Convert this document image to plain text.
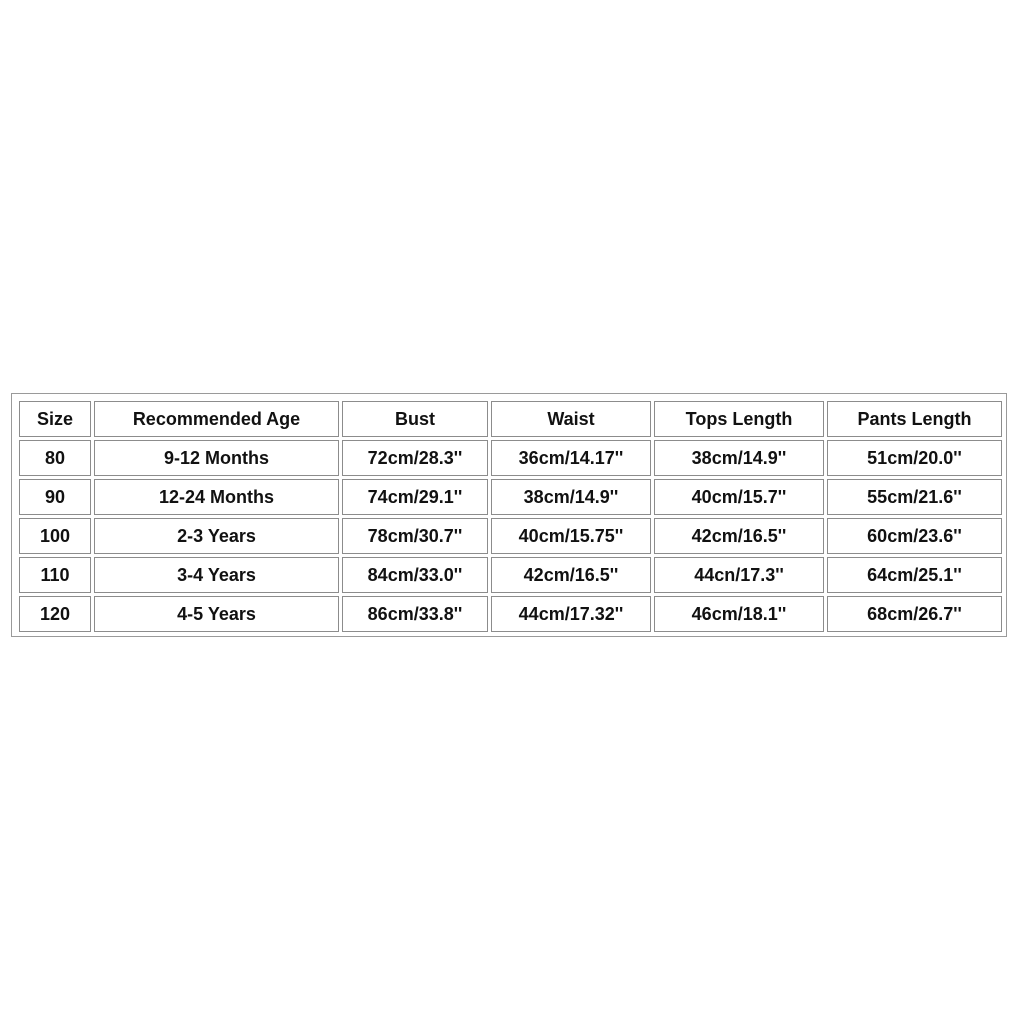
Size	Recommended Age	Bust	Waist	Tops Length	Pants Length
80	9-12 Months	72cm/28.3''	36cm/14.17''	38cm/14.9''	51cm/20.0''
90	12-24 Months	74cm/29.1''	38cm/14.9''	40cm/15.7''	55cm/21.6''
100	2-3 Years	78cm/30.7''	40cm/15.75''	42cm/16.5''	60cm/23.6''
110	3-4 Years	84cm/33.0''	42cm/16.5''	44cn/17.3''	64cm/25.1''
120	4-5 Years	86cm/33.8''	44cm/17.32''	46cm/18.1''	68cm/26.7''
